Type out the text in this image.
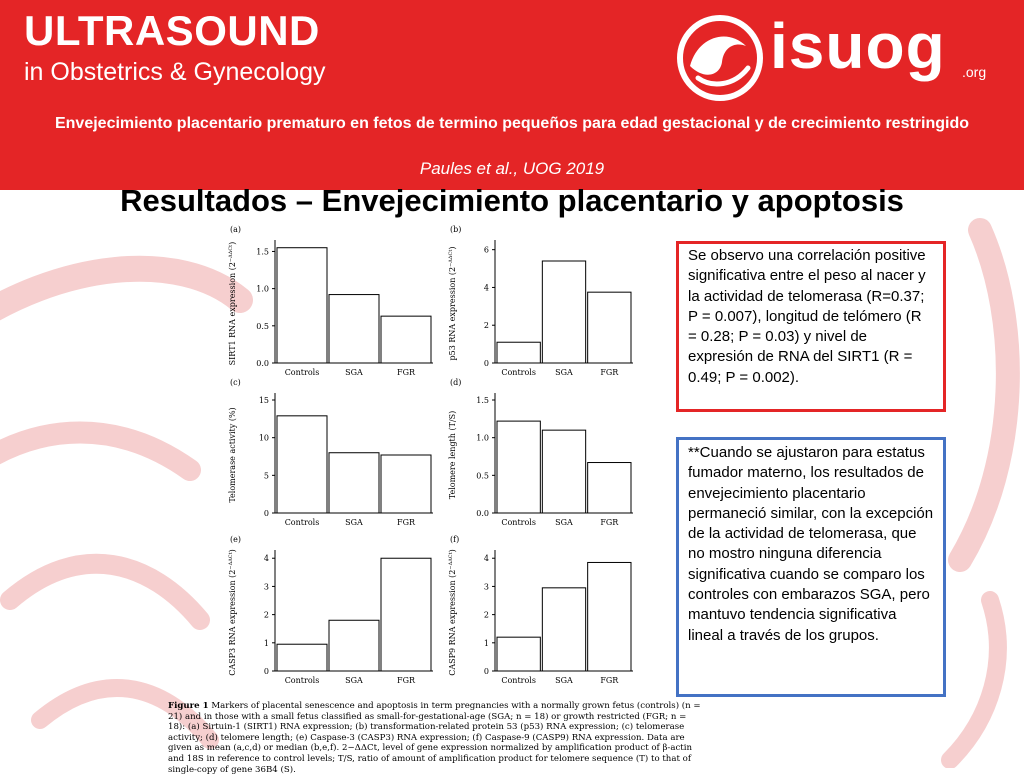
ULTRASOUND
in Obstetrics & Gynecology	isuog .org
Envejecimiento placentario prematuro en fetos de termino pequeños para edad gestacional y de crecimiento restringido
Paules et al., UOG 2019
Resultados – Envejecimiento placentario y apoptosis
(a)
0.0
0.5
1.0
1.5
SIRT1 RNA expression $(2^{-\Delta\Delta Ct})$
Controls	SGA	FGR
(b)
0
2
4
6
p53 RNA expression $(2^{-\Delta\Delta Ct})$
Controls SGA	FGR
(c)
0
5
10
15
Telomerase activity (%)
Controls	SGA	FGR
(d)
0.0
0.5
1.0
1.5
Telomere length (T/S)
Controls SGA	FGR
(e)
0
1
2
3
4
CASP3 RNA expression $(2^{-\Delta\Delta Ct})$
Controls	SGA	FGR
(f)
0
1
2
3
4
CASP9 RNA expression $(2^{-\Delta\Delta Ct})$
Controls SGA	FGR
Figure 1 Markers of placental senescence and apoptosis in term pregnancies with a normally grown fetus (controls) (n = 21) and in those with a small fetus classified as small-for-gestational-age (SGA; n = 18) or growth restricted (FGR; n = 18): (a) Sirtuin-1 (SIRT1) RNA expression; (b) transformation-related protein 53 (p53) RNA expression; (c) telomerase activity; (d) telomere length; (e) Caspase-3 (CASP3) RNA expression; (f) Caspase-9 (CASP9) RNA expression. Data are given as mean (a,c,d) or median (b,e,f). 2−ΔΔCt, level of gene expression normalized by amplification product of β-actin and 18S in reference to control levels; T/S, ratio of amount of amplification product for telomere sequence (T) to that of single-copy of gene 36B4 (S).
Se observo una correlación positive significativa entre el peso al nacer y la actividad de telomerasa (R=0.37; P = 0.007), longitud de telómero (R = 0.28; P = 0.03) y nivel de expresión de RNA del SIRT1 (R = 0.49; P = 0.002).
**Cuando se ajustaron para estatus fumador materno, los resultados de envejecimiento placentario permaneció similar, con la excepción de la actividad de telomerasa, que no mostro ninguna diferencia significativa cuando se comparo los controles con embarazos SGA, pero mantuvo tendencia significativa lineal a través de los grupos.
